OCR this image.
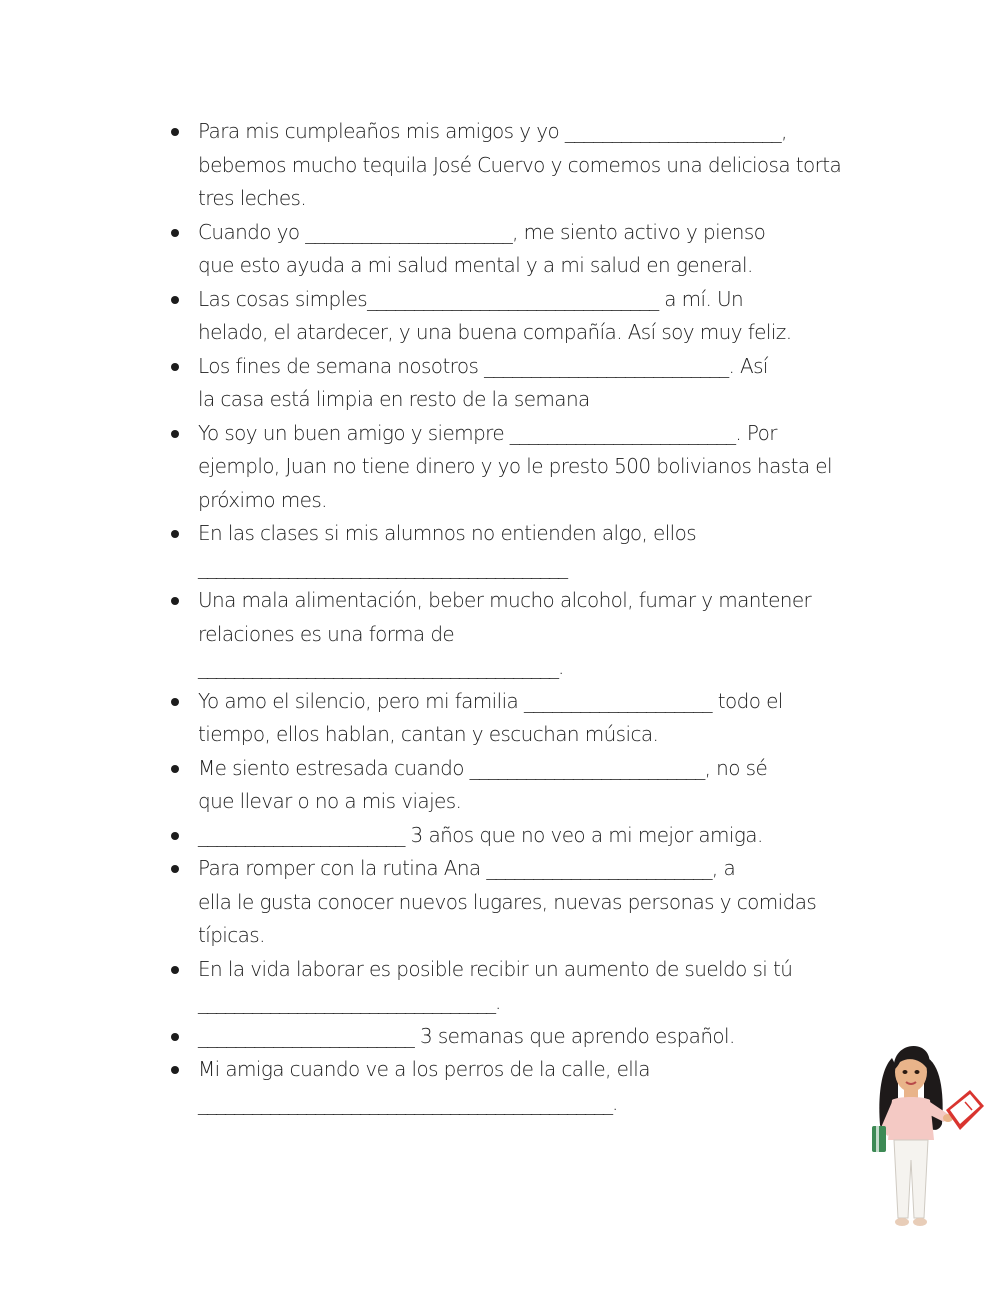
Para mis cumpleaños mis amigos y yo _______________________,
bebemos mucho tequila José Cuervo y comemos una deliciosa torta
tres leches.
Cuando yo ______________________, me siento activo y pienso
que esto ayuda a mi salud mental y a mi salud en general.
Las cosas simples_______________________________ a mí. Un
helado, el atardecer, y una buena compañía. Así soy muy feliz.
Los fines de semana nosotros __________________________. Así
la casa está limpia en resto de la semana
Yo soy un buen amigo y siempre ________________________. Por
ejemplo, Juan no tiene dinero y yo le presto 500 bolivianos hasta el
próximo mes.
En las clases si mis alumnos no entienden algo, ellos
_________________________________________
Una mala alimentación, beber mucho alcohol, fumar y mantener
relaciones es una forma de
________________________________________.
Yo amo el silencio, pero mi familia ____________________ todo el
tiempo, ellos hablan, cantan y escuchan música.
Me siento estresada cuando _________________________, no sé
que llevar o no a mis viajes.
______________________ 3 años que no veo a mi mejor amiga.
Para romper con la rutina Ana ________________________, a
ella le gusta conocer nuevos lugares, nuevas personas y comidas
típicas.
En la vida laborar es posible recibir un aumento de sueldo si tú
_________________________________.
_______________________ 3 semanas que aprendo español.
Mi amiga cuando ve a los perros de la calle, ella
______________________________________________.
